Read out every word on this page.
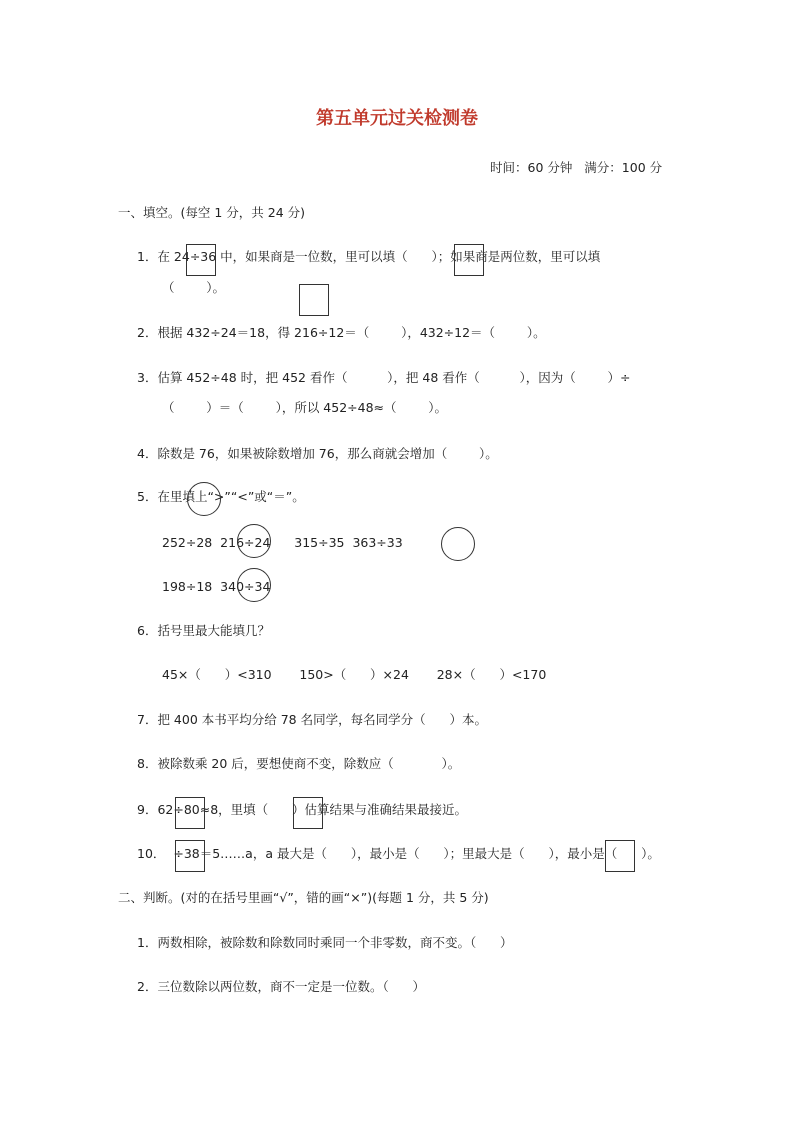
第五单元过关检测卷
时间：60 分钟   满分：100 分
一、填空。(每空 1 分，共 24 分)
1．在 24÷36 中，如果商是一位数，里可以填（      ）；如果商是两位数，里可以填
（        ）。
2．根据 432÷24＝18，得 216÷12＝（        ），432÷12＝（        ）。
3．估算 452÷48 时，把 452 看作（          ），把 48 看作（          ），因为（        ）÷
（        ）＝（        ），所以 452÷48≈（        ）。
4．除数是 76，如果被除数增加 76，那么商就会增加（        ）。
5．在里填上“>”“<”或“＝”。
252÷28  216÷24      315÷35  363÷33
198÷18  340÷34
6．括号里最大能填几？
45×（      ）<310       150>（      ）×24       28×（      ）<170
7．把 400 本书平均分给 78 名同学，每名同学分（      ）本。
8．被除数乘 20 后，要想使商不变，除数应（            ）。
9．62÷80≈8，里填（      ）估算结果与准确结果最接近。
10．  ÷38＝5……a，a 最大是（      ），最小是（      ）；里最大是（      ），最小是（      ）。
二、判断。(对的在括号里画“√”，错的画“×”)(每题 1 分，共 5 分)
1．两数相除，被除数和除数同时乘同一个非零数，商不变。（      ）
2．三位数除以两位数，商不一定是一位数。（      ）
